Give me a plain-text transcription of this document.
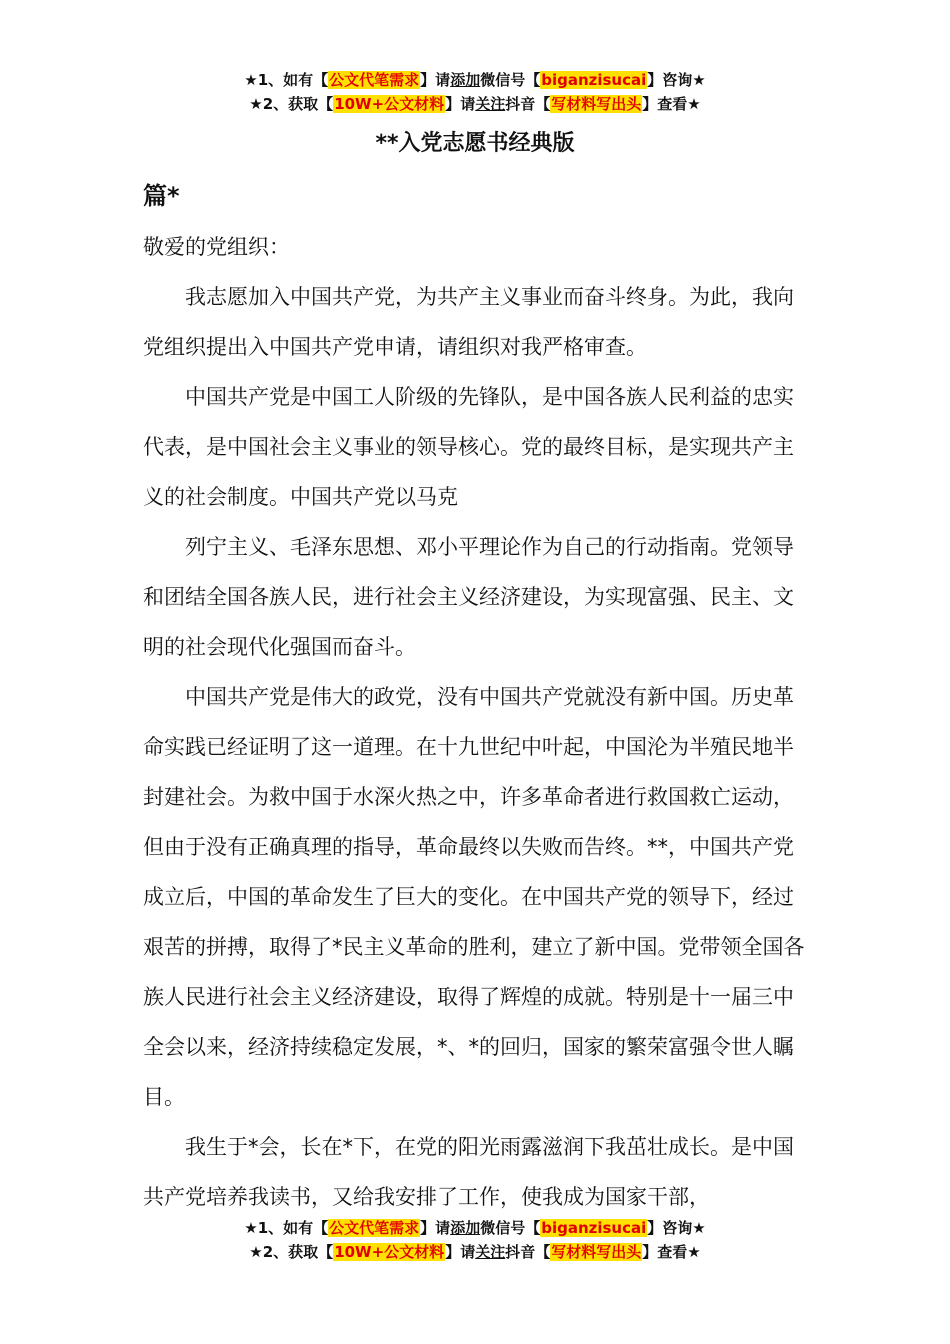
★1、如有【公文代笔需求】请添加微信号【biganzisucai】咨询★
★2、获取【10W+公文材料】请关注抖音【写材料写出头】查看★
**入党志愿书经典版
篇*

敬爱的党组织：

我志愿加入中国共产党，为共产主义事业而奋斗终身。为此，我向党组织提出入中国共产党申请，请组织对我严格审查。

中国共产党是中国工人阶级的先锋队，是中国各族人民利益的忠实代表，是中国社会主义事业的领导核心。党的最终目标，是实现共产主义的社会制度。中国共产党以马克

列宁主义、毛泽东思想、邓小平理论作为自己的行动指南。党领导和团结全国各族人民，进行社会主义经济建设，为实现富强、民主、文明的社会现代化强国而奋斗。

中国共产党是伟大的政党，没有中国共产党就没有新中国。历史革命实践已经证明了这一道理。在十九世纪中叶起，中国沦为半殖民地半封建社会。为救中国于水深火热之中，许多革命者进行救国救亡运动，但由于没有正确真理的指导，革命最终以失败而告终。**，中国共产党成立后，中国的革命发生了巨大的变化。在中国共产党的领导下，经过艰苦的拼搏，取得了*民主义革命的胜利，建立了新中国。党带领全国各族人民进行社会主义经济建设，取得了辉煌的成就。特别是十一届三中全会以来，经济持续稳定发展，*、*的回归，国家的繁荣富强令世人瞩目。

我生于*会，长在*下，在党的阳光雨露滋润下我茁壮成长。是中国共产党培养我读书，又给我安排了工作，使我成为国家干部，

★1、如有【公文代笔需求】请添加微信号【biganzisucai】咨询★
★2、获取【10W+公文材料】请关注抖音【写材料写出头】查看★
